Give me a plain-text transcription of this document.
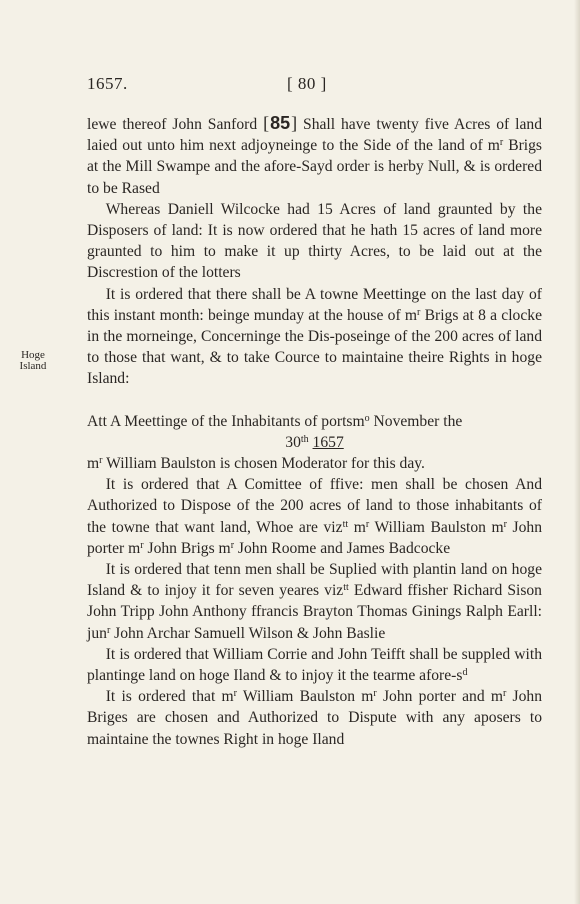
1657.	[ 80 ]
Hoge
Island

lewe thereof John Sanford [85] Shall have twenty five Acres of land laied out unto him next adjoyneinge to the Side of the land of $m^r$ Brigs at the Mill Swampe and the afore-Sayd order is herby Null, & is ordered to be Rased

Whereas Daniell Wilcocke had 15 Acres of land graunted by the Disposers of land: It is now ordered that he hath 15 acres of land more graunted to him to make it up thirty Acres, to be laid out at the Discrestion of the lotters

It is ordered that there shall be A towne Meettinge on the last day of this instant month: beinge munday at the house of $m^r$ Brigs at 8 a clocke in the morneinge, Concerninge the Dis-poseinge of the 200 acres of land to those that want, & to take Cource to maintaine theire Rights in hoge Island:

Att A Meettinge of the Inhabitants of portsm$^o$ November the

30th 1657

$m^r$ William Baulston is chosen Moderator for this day.

It is ordered that A Comittee of ffive: men shall be chosen And Authorized to Dispose of the 200 acres of land to those inhabitants of the towne that want land, Whoe are viz$^{tt}$ $m^r$ William Baulston $m^r$ John porter $m^r$ John Brigs $m^r$ John Roome and James Badcocke

It is ordered that tenn men shall be Suplied with plantin land on hoge Island & to injoy it for seven yeares viz$^{tt}$ Edward ffisher Richard Sison John Tripp John Anthony ffrancis Brayton Thomas Ginings Ralph Earll: jun$^r$ John Archar Samuell Wilson & John Baslie

It is ordered that William Corrie and John Teifft shall be suppled with plantinge land on hoge Iland & to injoy it the tearme afore-$s^d$

It is ordered that $m^r$ William Baulston $m^r$ John porter and $m^r$ John Briges are chosen and Authorized to Dispute with any aposers to maintaine the townes Right in hoge Iland
